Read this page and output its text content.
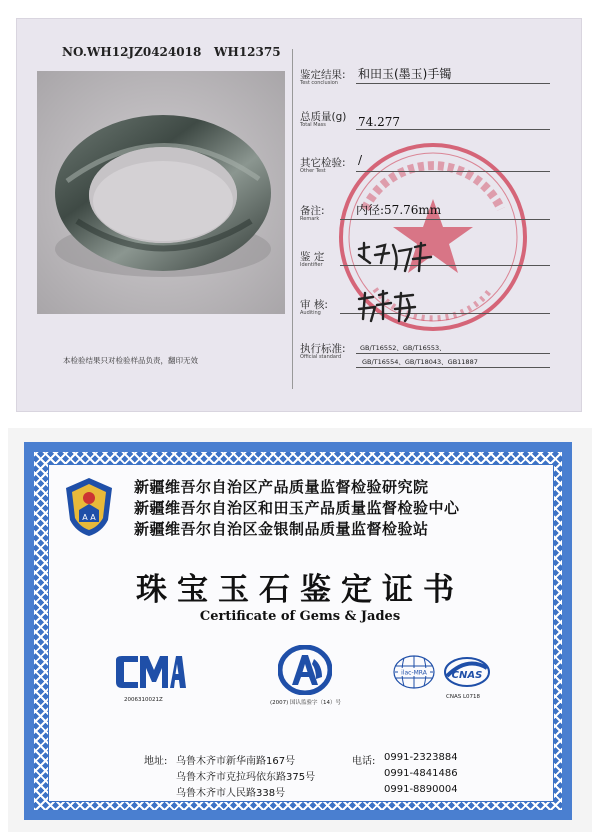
NO.WH12JZ0424018 WH12375
本检验结果只对检验样品负责，翻印无效
鉴定结果:
Test conclusion
和田玉(墨玉)手镯
总质量(g)
Total Mass	74.277
其它检验:
Other Test
/
备注:
Remark
内径:57.76mm
鉴 定
Identifier
审 核:
Auditing
执行标准:
Official standard
GB/T16552、GB/T16553、
GB/T16554、GB/T18043、GB11887
A A
新疆维吾尔自治区产品质量监督检验研究院
新疆维吾尔自治区和田玉产品质量监督检验中心
新疆维吾尔自治区金银制品质量监督检验站
珠宝玉石鉴定证书
Certificate of Gems & Jades
2006310021Z	(2007) 国认监验字（14）号
ilac-MRA CNAS
CNAS L0718
地址: 乌鲁木齐市新华南路167号
乌鲁木齐市克拉玛依东路375号
乌鲁木齐市人民路338号
电话: 0991-2323884
0991-4841486
0991-8890004
